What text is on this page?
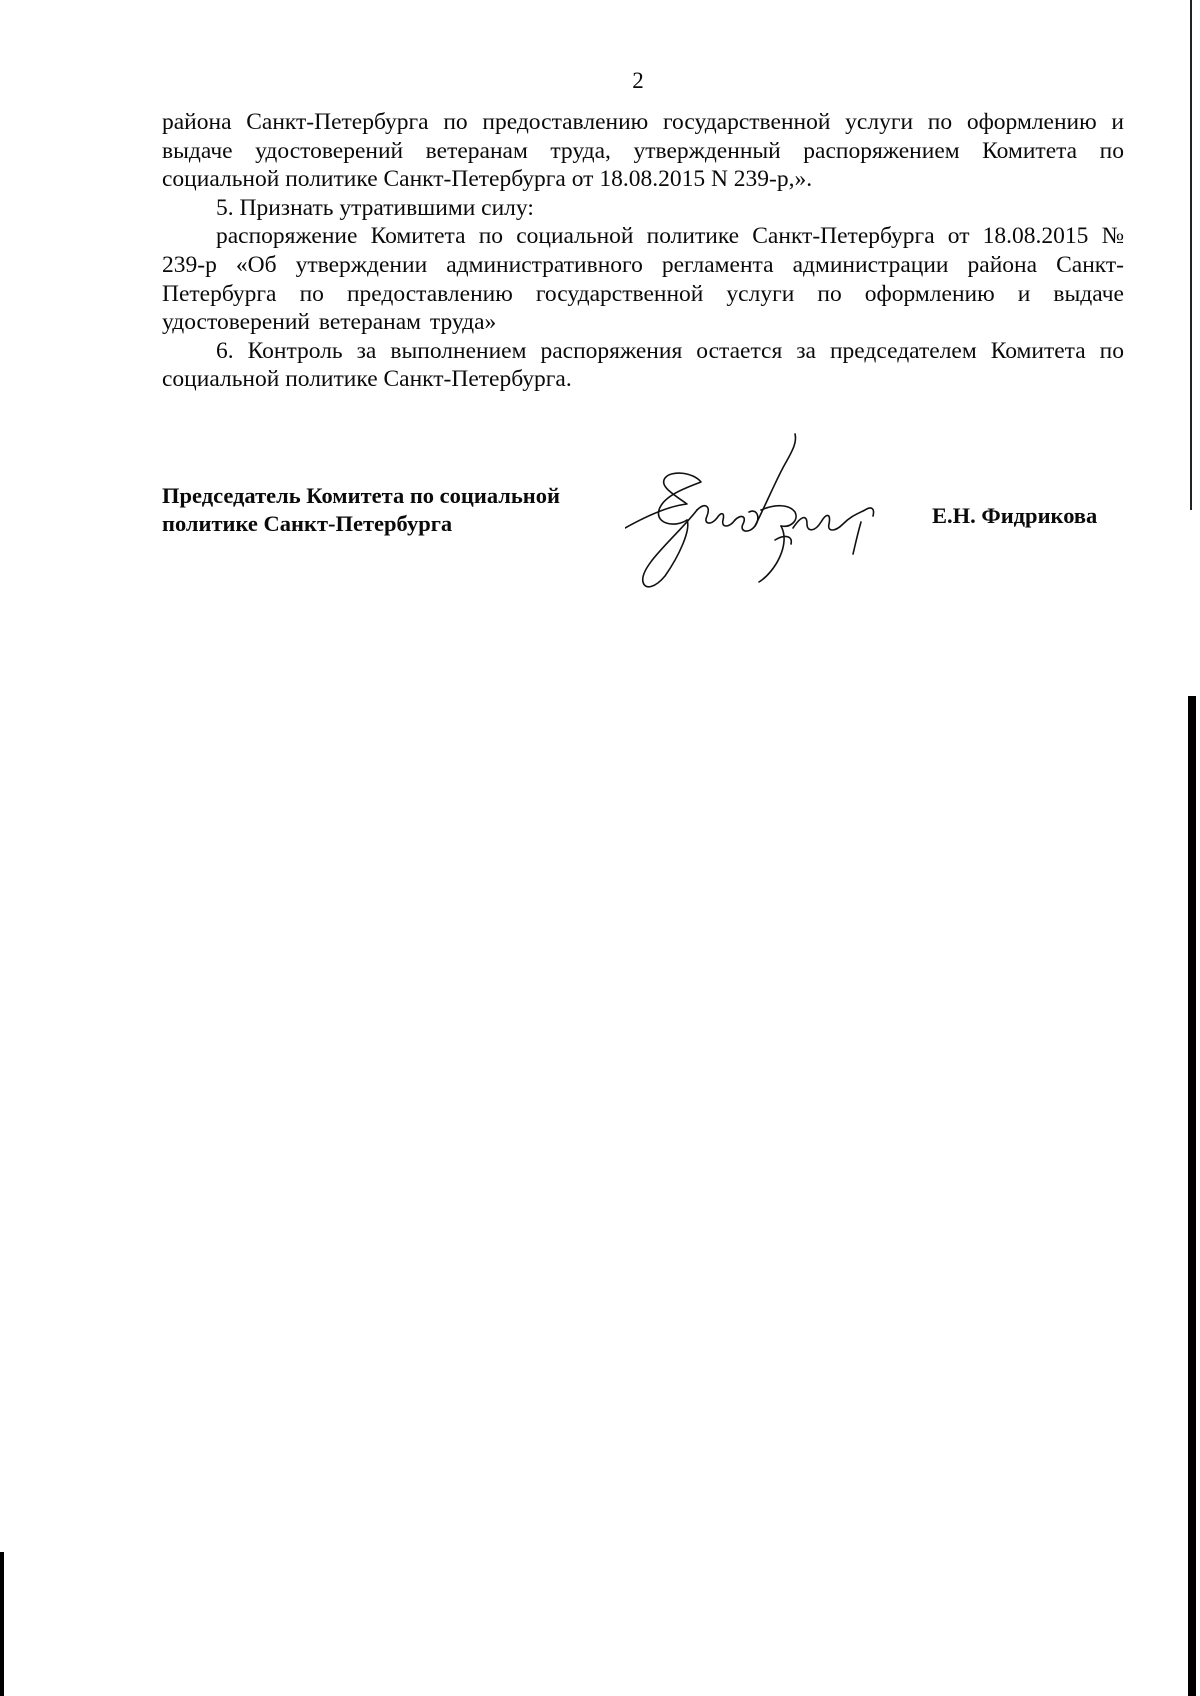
2

района Санкт-Петербурга по предоставлению государственной услуги по оформлению и выдаче удостоверений ветеранам труда, утвержденный распоряжением Комитета по социальной политике Санкт-Петербурга от 18.08.2015 N 239-р,».

5. Признать утратившими силу:

распоряжение Комитета по социальной политике Санкт-Петербурга от 18.08.2015 № 239-р «Об утверждении административного регламента администрации района Санкт-Петербурга по предоставлению государственной услуги по оформлению и выдаче удостоверений ветеранам труда»

6. Контроль за выполнением распоряжения остается за председателем Комитета по социальной политике Санкт-Петербурга.

Председатель Комитета по социальной
политике Санкт-Петербурга	Е.Н. Фидрикова
